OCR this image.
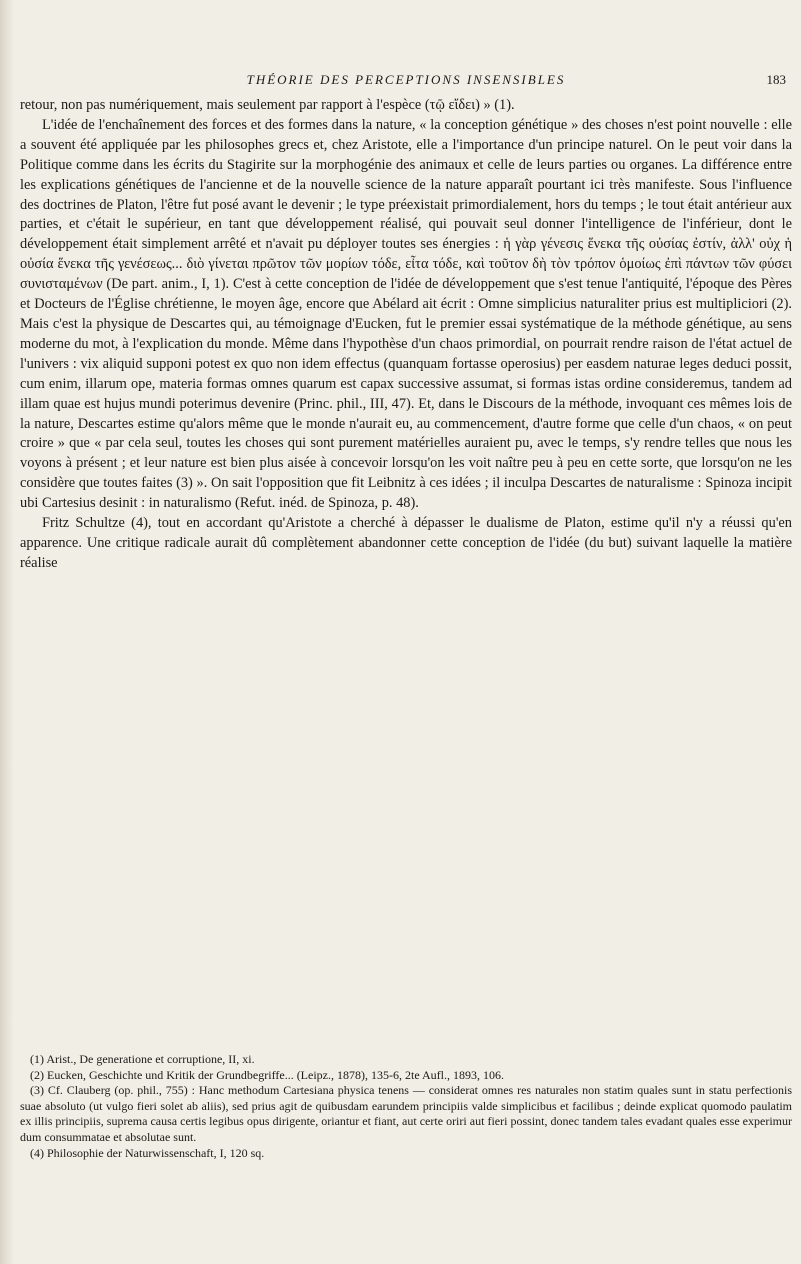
THÉORIE DES PERCEPTIONS INSENSIBLES	183

retour, non pas numériquement, mais seulement par rapport à l'espèce (τῷ εἴδει) » (1).

L'idée de l'enchaînement des forces et des formes dans la nature, « la conception génétique » des choses n'est point nouvelle : elle a souvent été appliquée par les philosophes grecs et, chez Aristote, elle a l'importance d'un principe naturel. On le peut voir dans la Politique comme dans les écrits du Stagirite sur la morphogénie des animaux et celle de leurs parties ou organes. La différence entre les explications génétiques de l'ancienne et de la nouvelle science de la nature apparaît pourtant ici très manifeste. Sous l'influence des doctrines de Platon, l'être fut posé avant le devenir ; le type préexistait primordialement, hors du temps ; le tout était antérieur aux parties, et c'était le supérieur, en tant que développement réalisé, qui pouvait seul donner l'intelligence de l'inférieur, dont le développement était simplement arrêté et n'avait pu déployer toutes ses énergies : ἡ γὰρ γένεσις ἕνεκα τῆς οὐσίας ἐστίν, ἀλλ' οὐχ ἡ οὐσία ἕνεκα τῆς γενέσεως... διὸ γίνεται πρῶτον τῶν μορίων τόδε, εἶτα τόδε, καὶ τοῦτον δὴ τὸν τρόπον ὁμοίως ἐπὶ πάντων τῶν φύσει συνισταμένων (De part. anim., I, 1). C'est à cette conception de l'idée de développement que s'est tenue l'antiquité, l'époque des Pères et Docteurs de l'Église chrétienne, le moyen âge, encore que Abélard ait écrit : Omne simplicius naturaliter prius est multipliciori (2). Mais c'est la physique de Descartes qui, au témoignage d'Eucken, fut le premier essai systématique de la méthode génétique, au sens moderne du mot, à l'explication du monde. Même dans l'hypothèse d'un chaos primordial, on pourrait rendre raison de l'état actuel de l'univers : vix aliquid supponi potest ex quo non idem effectus (quanquam fortasse operosius) per easdem naturae leges deduci possit, cum enim, illarum ope, materia formas omnes quarum est capax successive assumat, si formas istas ordine consideremus, tandem ad illam quae est hujus mundi poterimus devenire (Princ. phil., III, 47). Et, dans le Discours de la méthode, invoquant ces mêmes lois de la nature, Descartes estime qu'alors même que le monde n'aurait eu, au commencement, d'autre forme que celle d'un chaos, « on peut croire » que « par cela seul, toutes les choses qui sont purement matérielles auraient pu, avec le temps, s'y rendre telles que nous les voyons à présent ; et leur nature est bien plus aisée à concevoir lorsqu'on les voit naître peu à peu en cette sorte, que lorsqu'on ne les considère que toutes faites (3) ». On sait l'opposition que fit Leibnitz à ces idées ; il inculpa Descartes de naturalisme : Spinoza incipit ubi Cartesius desinit : in naturalismo (Refut. inéd. de Spinoza, p. 48).

Fritz Schultze (4), tout en accordant qu'Aristote a cherché à dépasser le dualisme de Platon, estime qu'il n'y a réussi qu'en apparence. Une critique radicale aurait dû complètement abandonner cette conception de l'idée (du but) suivant laquelle la matière réalise

(1) Arist., De generatione et corruptione, II, xi.

(2) Eucken, Geschichte und Kritik der Grundbegriffe... (Leipz., 1878), 135-6, 2te Aufl., 1893, 106.

(3) Cf. Clauberg (op. phil., 755) : Hanc methodum Cartesiana physica tenens — considerat omnes res naturales non statim quales sunt in statu perfectionis suae absoluto (ut vulgo fieri solet ab aliis), sed prius agit de quibusdam earundem principiis valde simplicibus et facilibus ; deinde explicat quomodo paulatim ex illis principiis, suprema causa certis legibus opus dirigente, oriantur et fiant, aut certe oriri aut fieri possint, donec tandem tales evadant quales esse experimur dum consummatae et absolutae sunt.

(4) Philosophie der Naturwissenschaft, I, 120 sq.
